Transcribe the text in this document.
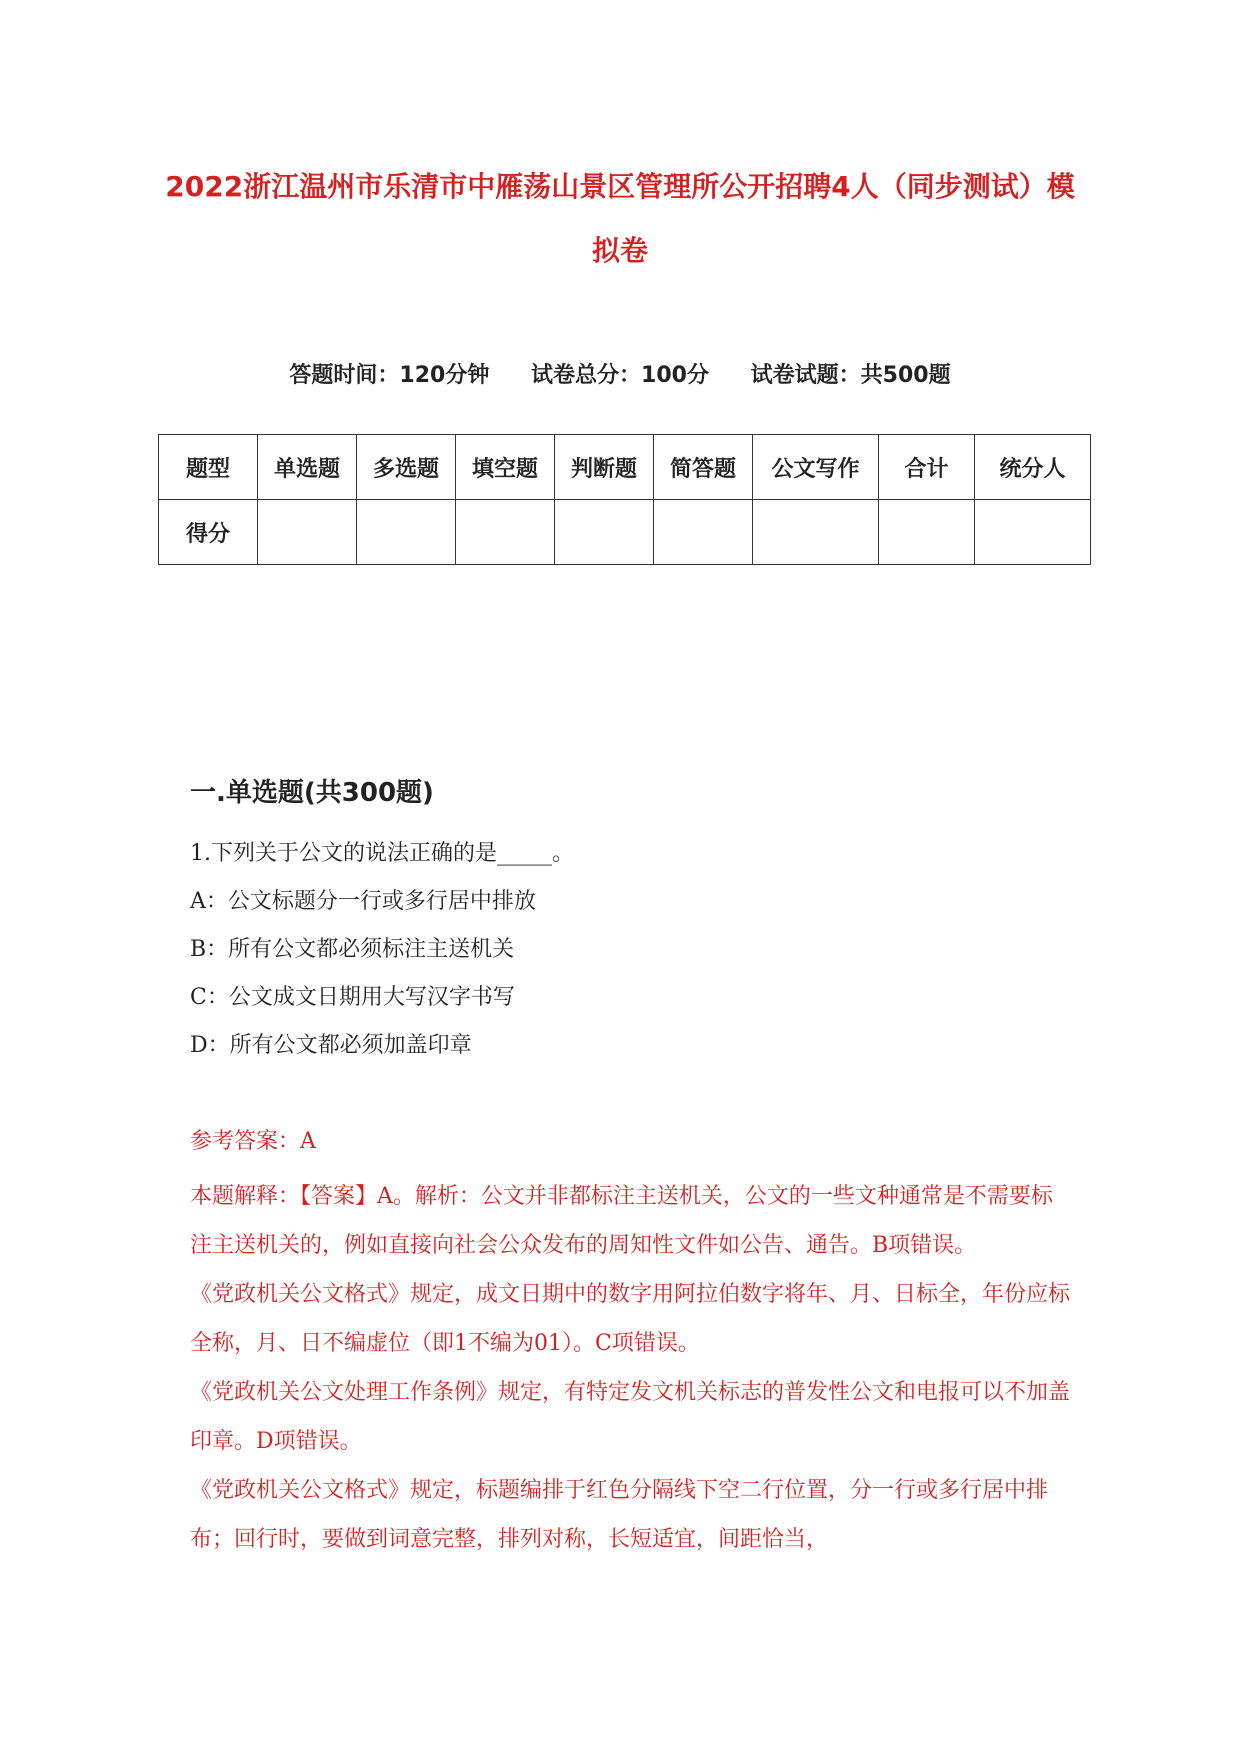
2022浙江温州市乐清市中雁荡山景区管理所公开招聘4人（同步测试）模拟卷
答题时间：120分钟 试卷总分：100分 试卷试题：共500题
题型	单选题	多选题	填空题	判断题	简答题	公文写作	合计	统分人
得分								
一.单选题(共300题)
1.下列关于公文的说法正确的是_____。
A：公文标题分一行或多行居中排放
B：所有公文都必须标注主送机关
C：公文成文日期用大写汉字书写
D：所有公文都必须加盖印章
参考答案：A

本题解释：【答案】A。解析：公文并非都标注主送机关，公文的一些文种通常是不需要标注主送机关的，例如直接向社会公众发布的周知性文件如公告、通告。B项错误。

《党政机关公文格式》规定，成文日期中的数字用阿拉伯数字将年、月、日标全，年份应标全称，月、日不编虚位（即1不编为01）。C项错误。

《党政机关公文处理工作条例》规定，有特定发文机关标志的普发性公文和电报可以不加盖印章。D项错误。

《党政机关公文格式》规定，标题编排于红色分隔线下空二行位置，分一行或多行居中排布；回行时，要做到词意完整，排列对称，长短适宜，间距恰当，
